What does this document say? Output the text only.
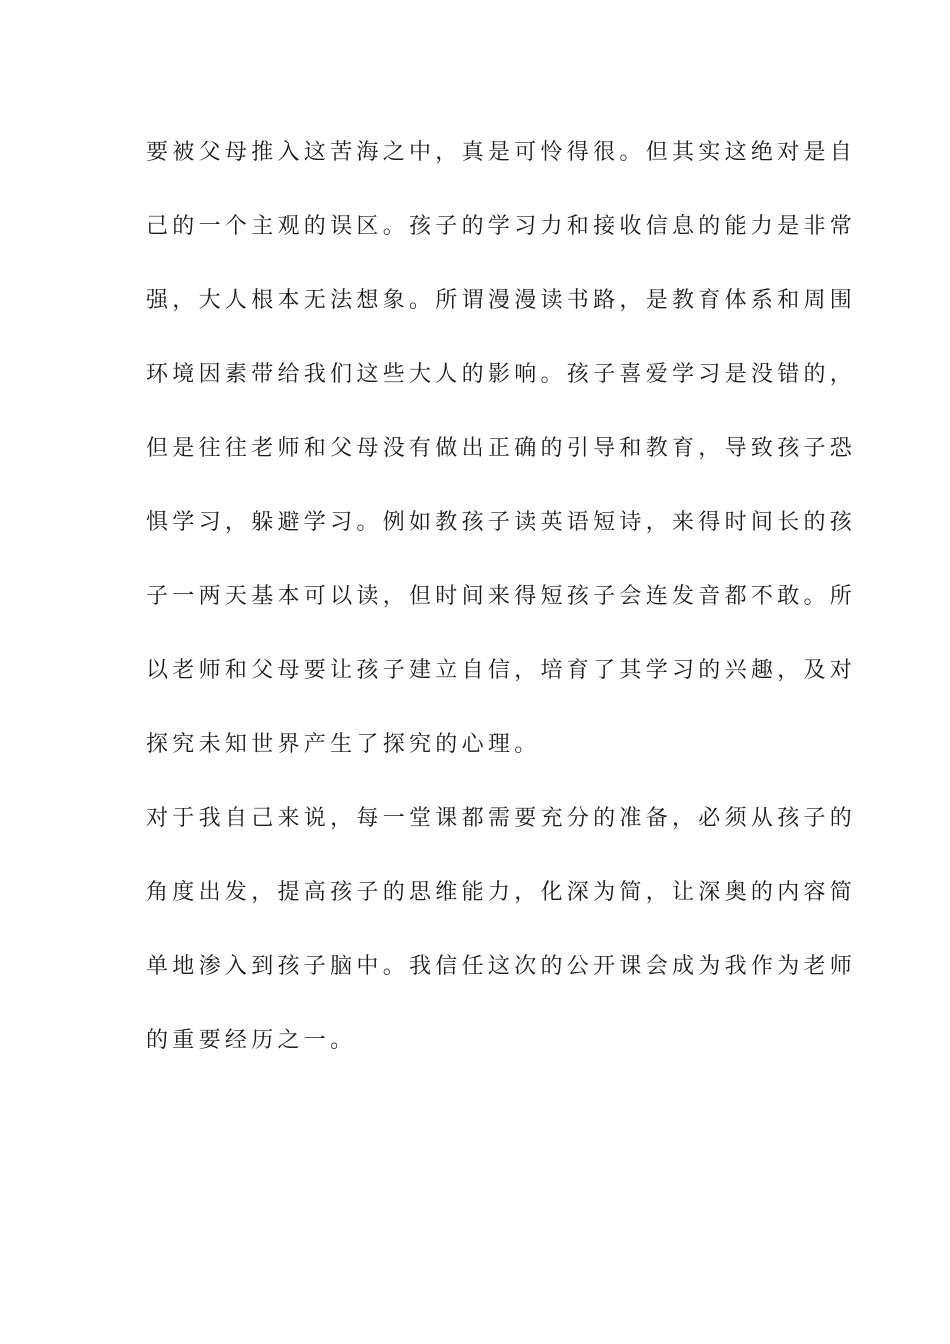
要被父母推入这苦海之中，真是可怜得很。但其实这绝对是自
己的一个主观的误区。孩子的学习力和接收信息的能力是非常
强，大人根本无法想象。所谓漫漫读书路，是教育体系和周围
环境因素带给我们这些大人的影响。孩子喜爱学习是没错的，
但是往往老师和父母没有做出正确的引导和教育，导致孩子恐
惧学习，躲避学习。例如教孩子读英语短诗，来得时间长的孩
子一两天基本可以读，但时间来得短孩子会连发音都不敢。所
以老师和父母要让孩子建立自信，培育了其学习的兴趣，及对
探究未知世界产生了探究的心理。
对于我自己来说，每一堂课都需要充分的准备，必须从孩子的
角度出发，提高孩子的思维能力，化深为简，让深奥的内容简
单地渗入到孩子脑中。我信任这次的公开课会成为我作为老师
的重要经历之一。
